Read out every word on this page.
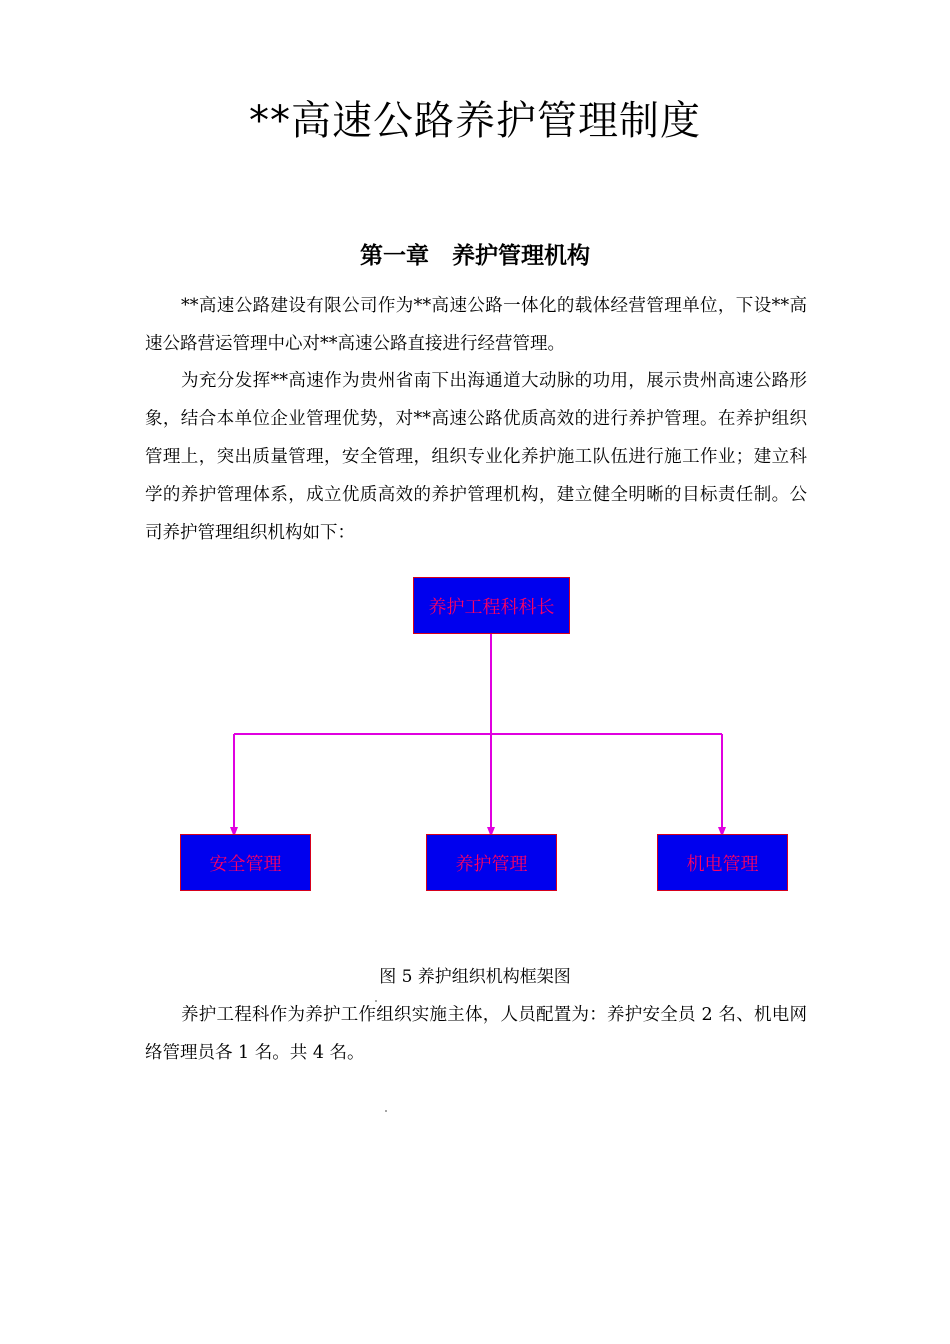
**高速公路养护管理制度
第一章　养护管理机构

**高速公路建设有限公司作为**高速公路一体化的载体经营管理单位，下设**高速公路营运管理中心对**高速公路直接进行经营管理。

为充分发挥**高速作为贵州省南下出海通道大动脉的功用，展示贵州高速公路形象，结合本单位企业管理优势，对**高速公路优质高效的进行养护管理。在养护组织管理上，突出质量管理，安全管理，组织专业化养护施工队伍进行施工作业；建立科学的养护管理体系，成立优质高效的养护管理机构，建立健全明晰的目标责任制。公司养护管理组织机构如下：

养护工程科科长
安全管理	养护管理	机电管理

图 5 养护组织机构框架图

养护工程科作为养护工作组织实施主体，人员配置为：养护安全员 2 名、机电网络管理员各 1 名。共 4 名。
